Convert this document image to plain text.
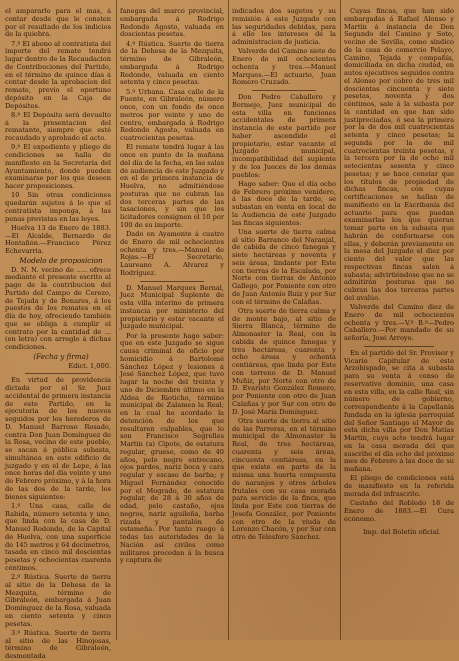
el ampararlo para el mas, á contar desde que le consten por el resultado de los indicios de la quiebra.

7.º El abono al contratista del importe del remate tendrá lugar dentro de la Recaudacion de Contribuciones del Partido, en el término de quince días á contar desde la aprobacion del remate, previo el oportuno depósito en la Caja de Depósitos.

8.º El Depósito será devuelto á la presentacion del rematante, siempre que esté recaudado y aprobado el acto.

9.º El expediente y pliego de condiciones se halla de manifiesto en la Secretaría del Ayuntamiento, donde pueden examinarse por los que deseen hacer proposiciones.

10 Sin otras condiciones quedarán sujetos á lo que el contratista imponga, á las penas previstas en las leyes.

Huelva 13 de Enero de 1883.—El Alcalde, Bernardo de Hontañón.—Francisco Pérez Echevarria.

Modelo de proposicion

D. N. N. vecino de ..... ofrece mediante el presente escrito al pago de la contribucion del Partido del Campo de Cerezo, de Tejada y de Bonares, á los puestos de los remates en el día de hoy, ofreciendo también que se obliga á cumplir el contrato por la cantidad de ... (en letra) con arreglo á dichas condiciones.

(Fecha y firma)

Edict. 1,000.

En virtud de providencia dictada por el Sr. Juez accidental de primera instancia de este Partido, en la ejecutoria de los nuevos seguidos por los herederos de D. Manuel Barroso Rosado, contra Don Juan Domínguez de la Rosa, vecino de este pueblo, se sacan á pública subasta, simultánea en este edificio de juzgado y en el de Lepe, á las once horas del día veinte y uno de Febrero próximo, y á la hora de las dos de la tarde, los bienes siguientes:

1.º Una casa, calle de Rabida, número setenta y uno, que linda con la casa de D. Manuel Rodondo, de la Capital de Huelva, con una superficie de 145 metros y 64 decímetros, tasada en cinco mil doscientas pesetas y ochocientas cuarenta céntimos.

2.º Rústica. Suerte de tierra al sitio de la Dehesa de la Mezquita, término de Gibraleón, embargada á Juan Domínguez de la Rosa, valuada en ciento setenta y cinco pesetas.

3.º Rústica. Suerte de tierra al sitio de las Hinojosas, término de Gibraleón, desmontada

fanegas del marco provincial, embargada á Rodrigo Redondo Agosto, valuada en doscientas pesetas.

4.º Rústica. Suerte de tierra de la Dehesa de la Mezquita, término de Gibraleón, embargada á Rodrigo Redondo, valuada en ciento setenta y cinco pesetas.

5.º Urbana. Casa calle de la Fuente, en Gibraleón, número once, con un fondo de once metros por veinte y uno de centro, embargada á Rodrigo Redondo Agosto, valuada en cuatrocientas pesetas.

El remate tendrá lugar á las once en punto de la mañana del día de la fecha, en las salas de audiencia de este Juzgado y en el de primera instancia de Huelva, no admitiéndose posturas que no cubran las dos terceras partes de las tasaciones, y sin que los licitadores consignen el 10 por 100 de su importe.

Dado en Ayamonte á cuatro de Enero de mil ochocientos ochenta y tres.—Manuel de Rojas.—El Secretario, Laureano A. Alvarez y Rodríguez.

D. Manuel Marques Bernal, Juez Municipal Suplente de esta villa interino de primera instancia por ministerio del propietario y estar vacante el Juzgado municipal.

Por la presente hago saber: que en este Juzgado se sigue causa criminal de oficio por homicidio á Bartolomé Sánchez López y lesiones á José Sánchez López, que tuvo lugar la noche del treinta y uno de Diciembre último en la Aldea de Rioticho, término municipal de Zalamea la Real; en la cual he acordado la detención de los que resultaren culpables, que lo son Francisco Segrelles Martin (a) Cipote, de estatura regular, grueso, como de 40 años, pelo negro entrecano, ojos pardos, nariz boca y cara regular y escaso de barba; y Miguel Fernández conocido por el Mogrado, de estatura regular, de 28 á 30 años de edad, pelo castaño, ojos negros, nariz aguileña, barba rizada y pantalón de estameña. Por tanto ruego á todas las autoridades de la Nación así civiles como militares procedan á la busca y captura de

indicados dos sugetos y su remisión á este Juzgado con las seguridades debidas, para á ello los intereses de la administracion de justicia.

Valverde del Camino siete de Enero de mil ochocientos ochenta y tres.—Manuel Marques.—El actuario, Juan Romero Cruzado.

Don Pedro Caballero y Bermejo, Juez municipal de esta villa en funciones accidentales de primera instancia de este partido por haber ascendido el propietario, estar vacante el Juzgado municipal, incompatibilidad del suplente y de los Jueces de los demás pueblos:

Hago saber: Que el día ocho de Febrero próximo venidero, á las doce de la tarde, se subastan en venta en local de la Audiencia de este Juzgado las fincas siguientes:

Una suerte de tierra calma al sitio Barranco del Naranjal, de cabida de cinco fanegas y siete hectáreas y noventa y seis áreas, lindante por Este con tierras de la Escalada, por Norte con tierras de Antonio Gallego, por Poniente con otro de Juan Antonio Ruiz y por Sur con el término de Calañas.

Otra suerte de tierra calma y de monte bajo, al sitio de Sierra Blanca, término de Almonaster la Real, con la cabida de quince fanegas y tres hectáreas, cuarenta y ocho áreas y ochenta centiáreas, que linda por Este con terreno de D. Manuel Muñiz, por Norte con otro de D. Evaristo González Romero, por Poniente con otro de Juan Calañas y por Sur con otro de D. José María Domínguez.

Otra suerte de tierra al sitio de las Parreras, en el término municipal de Almonaster la Real, de tres hectáreas, cuarenta y seis áreas, cincuenta centiáreas, en la que existe en parte de la misma una huerta compuesta de naranjos y otros árboles frutales con su casa morada para servicio de la finca, que linda por Este con tierras de Josefa González, por Poniente con otro de la viuda de Lorenzo Chacón, y por Sur con otro de Telesforo Sánchez.

Cuyas fincas, que han sido embargadas á Rafael Alonso y Martín á instancia de Don Segundo del Camino y Soto, vecino de Sevilla, como síndico de la casa de comercio Pelayo, Camino, Tejada y compañía, domiciliada en dicha ciudad, en autos ejecutivos seguidos contra el Alonso por cobro de tres mil doscientas cincuenta y siete pesetas, noventa y dos céntimos, sale á la subasta por la cantidad en que han sido justipreciadas, ó sea la primera por la de dos mil cuatrocientas setenta y cinco pesetas; la segunda por la de mil cuatrocientas treinta pesetas, y la tercera por la de ocho mil setecientas sesenta y cinco pesetas; y se hace constar que los títulos de propiedad de dichas fincas, con cuyas certificaciones se hallan de manifiesto en la Escribanía del actuario para que puedan examinarlas los que quieran tomar parte en la subasta que habrán de conformarse con ellas, y deberán previamente en la mesa del Juzgado el diez por ciento del valor que las respectivas fincas salen á subasta; advirtiéndose que no se admitirán posturas que no cubran las dos terceras partes del avalúo.

Valverde del Camino diez de Enero de mil ochocientos ochenta y tres.—V.º B.º—Pedro Caballero.—Por mandado de su señoría, José Arroyo.

En el partido del Sr. Provisor y Vicario Capitular de este Arzobispado, se cita á subasta para su venta á censo de reservativo dominio, una casa en esta villa, en la calle Real, sin número de gobierno, correspondiente á la Capellanía fundada en la iglesia parroquial del Señor Santiago el Mayor de esta dicha villa por Don Matías Martín, cuyo acto tendrá lugar en la casa morada del que suscribe el día ocho del próximo mes de Febrero á las doce de su mañana.

El pliego de condiciones está de manifiesto en la referida morada del infrascrito.

Castaño del Robledo 18 de Enero de 1883.—El Cura ecónomo.

Imp. del Boletín oficial.
